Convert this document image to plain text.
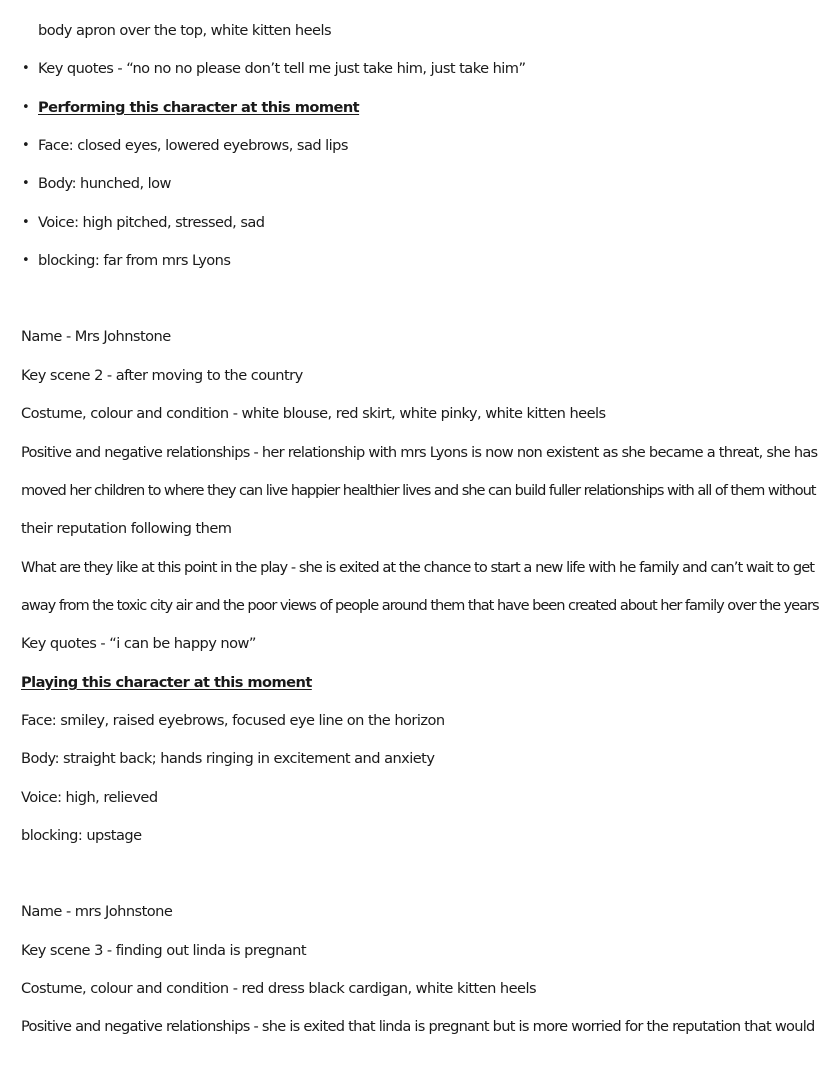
body apron over the top, white kitten heels
• Key quotes - “no no no please don’t tell me just take him, just take him”
• Performing this character at this moment
• Face: closed eyes, lowered eyebrows, sad lips
• Body: hunched, low
• Voice: high pitched, stressed, sad
• blocking: far from mrs Lyons
Name - Mrs Johnstone
Key scene 2 - after moving to the country
Costume, colour and condition - white blouse, red skirt, white pinky, white kitten heels
Positive and negative relationships - her relationship with mrs Lyons is now non existent as she became a threat, she has
moved her children to where they can live happier healthier lives and she can build fuller relationships with all of them without
their reputation following them
What are they like at this point in the play - she is exited at the chance to start a new life with he family and can’t wait to get
away from the toxic city air and the poor views of people around them that have been created about her family over the years
Key quotes - “i can be happy now”
Playing this character at this moment
Face: smiley, raised eyebrows, focused eye line on the horizon
Body: straight back; hands ringing in excitement and anxiety
Voice: high, relieved
blocking: upstage
Name - mrs Johnstone
Key scene 3 - finding out linda is pregnant
Costume, colour and condition - red dress black cardigan, white kitten heels
Positive and negative relationships - she is exited that linda is pregnant but is more worried for the reputation that would
